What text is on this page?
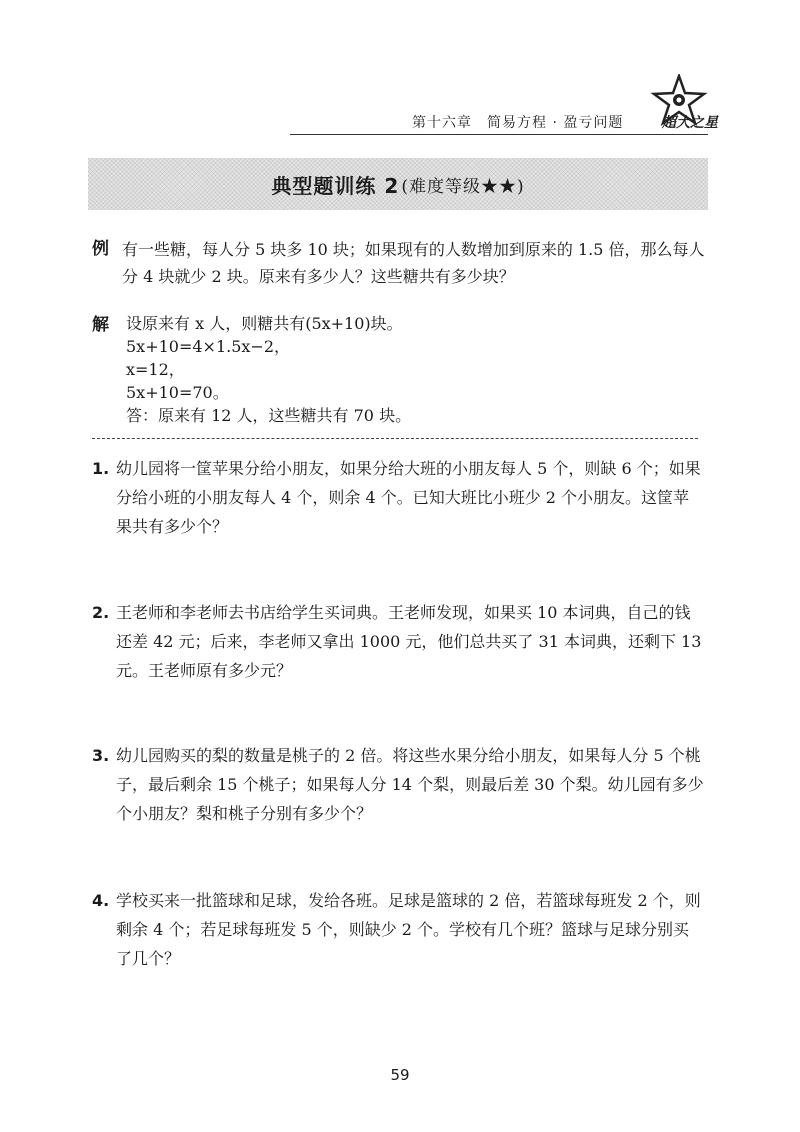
第十六章　简易方程 · 盈亏问题	超大之星
典型题训练 2 (难度等级★★)
例 有一些糖，每人分 5 块多 10 块；如果现有的人数增加到原来的 1.5 倍，那么每人分 4 块就少 2 块。原来有多少人？这些糖共有多少块？
解 设原来有 x 人，则糖共有(5x+10)块。
5x+10=4×1.5x−2，
x=12，
5x+10=70。
答：原来有 12 人，这些糖共有 70 块。
1. 幼儿园将一筐苹果分给小朋友，如果分给大班的小朋友每人 5 个，则缺 6 个；如果分给小班的小朋友每人 4 个，则余 4 个。已知大班比小班少 2 个小朋友。这筐苹果共有多少个？
2. 王老师和李老师去书店给学生买词典。王老师发现，如果买 10 本词典，自己的钱还差 42 元；后来，李老师又拿出 1000 元，他们总共买了 31 本词典，还剩下 13 元。王老师原有多少元？
3. 幼儿园购买的梨的数量是桃子的 2 倍。将这些水果分给小朋友，如果每人分 5 个桃子，最后剩余 15 个桃子；如果每人分 14 个梨，则最后差 30 个梨。幼儿园有多少个小朋友？梨和桃子分别有多少个？
4. 学校买来一批篮球和足球，发给各班。足球是篮球的 2 倍，若篮球每班发 2 个，则剩余 4 个；若足球每班发 5 个，则缺少 2 个。学校有几个班？篮球与足球分别买了几个？
59
